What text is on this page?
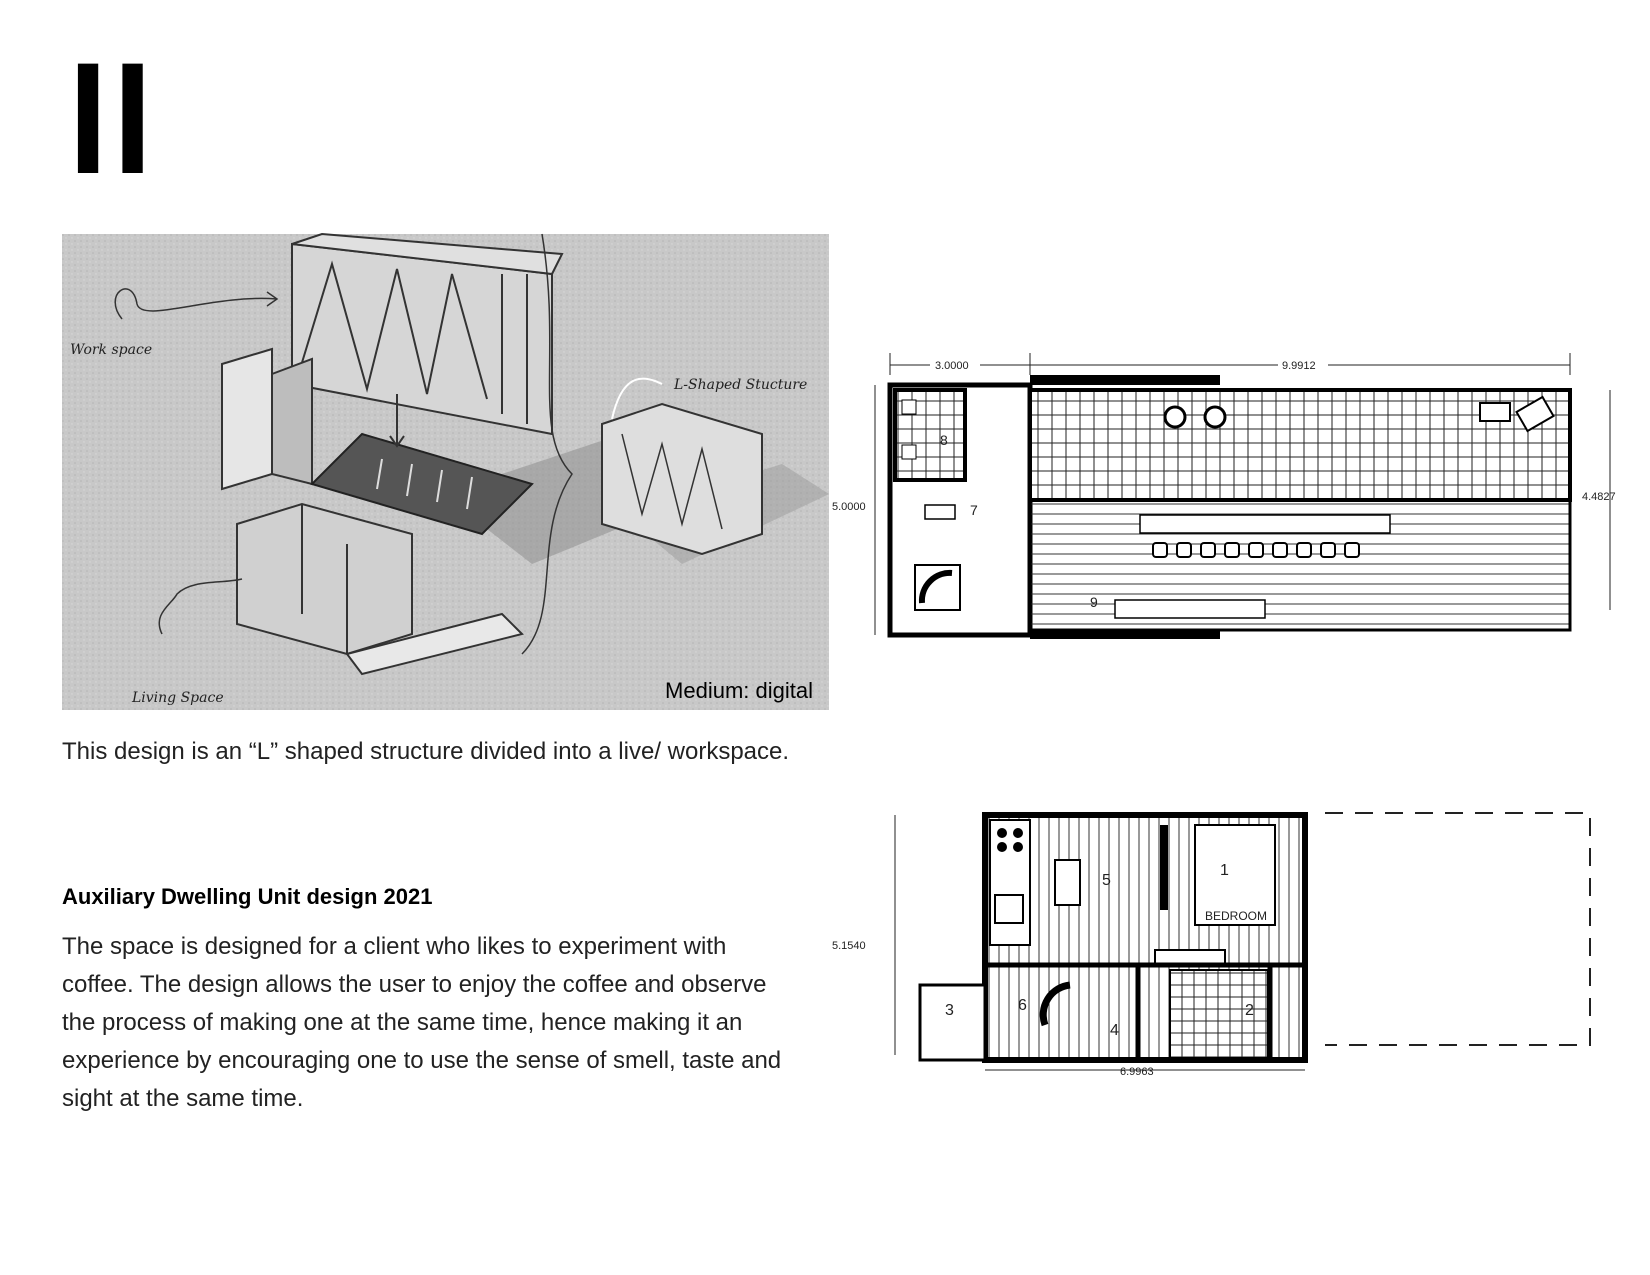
II
Work space
L-Shaped Stucture
Living Space	Medium: digital

This design is an “L” shaped structure divided into a live/ workspace.

Auxiliary Dwelling Unit design 2021

The space is designed for a client who likes to experiment with coffee. The design allows the user to enjoy the coffee and observe the process of making one at the same time, hence making it an experience by encouraging one to use the sense of smell, taste and sight at the same time.

3.0000	9.9912
5.0000
4.4827
8
7
9
5.1540
6.9963
BEDROOM
5
1
3	6
4
2
